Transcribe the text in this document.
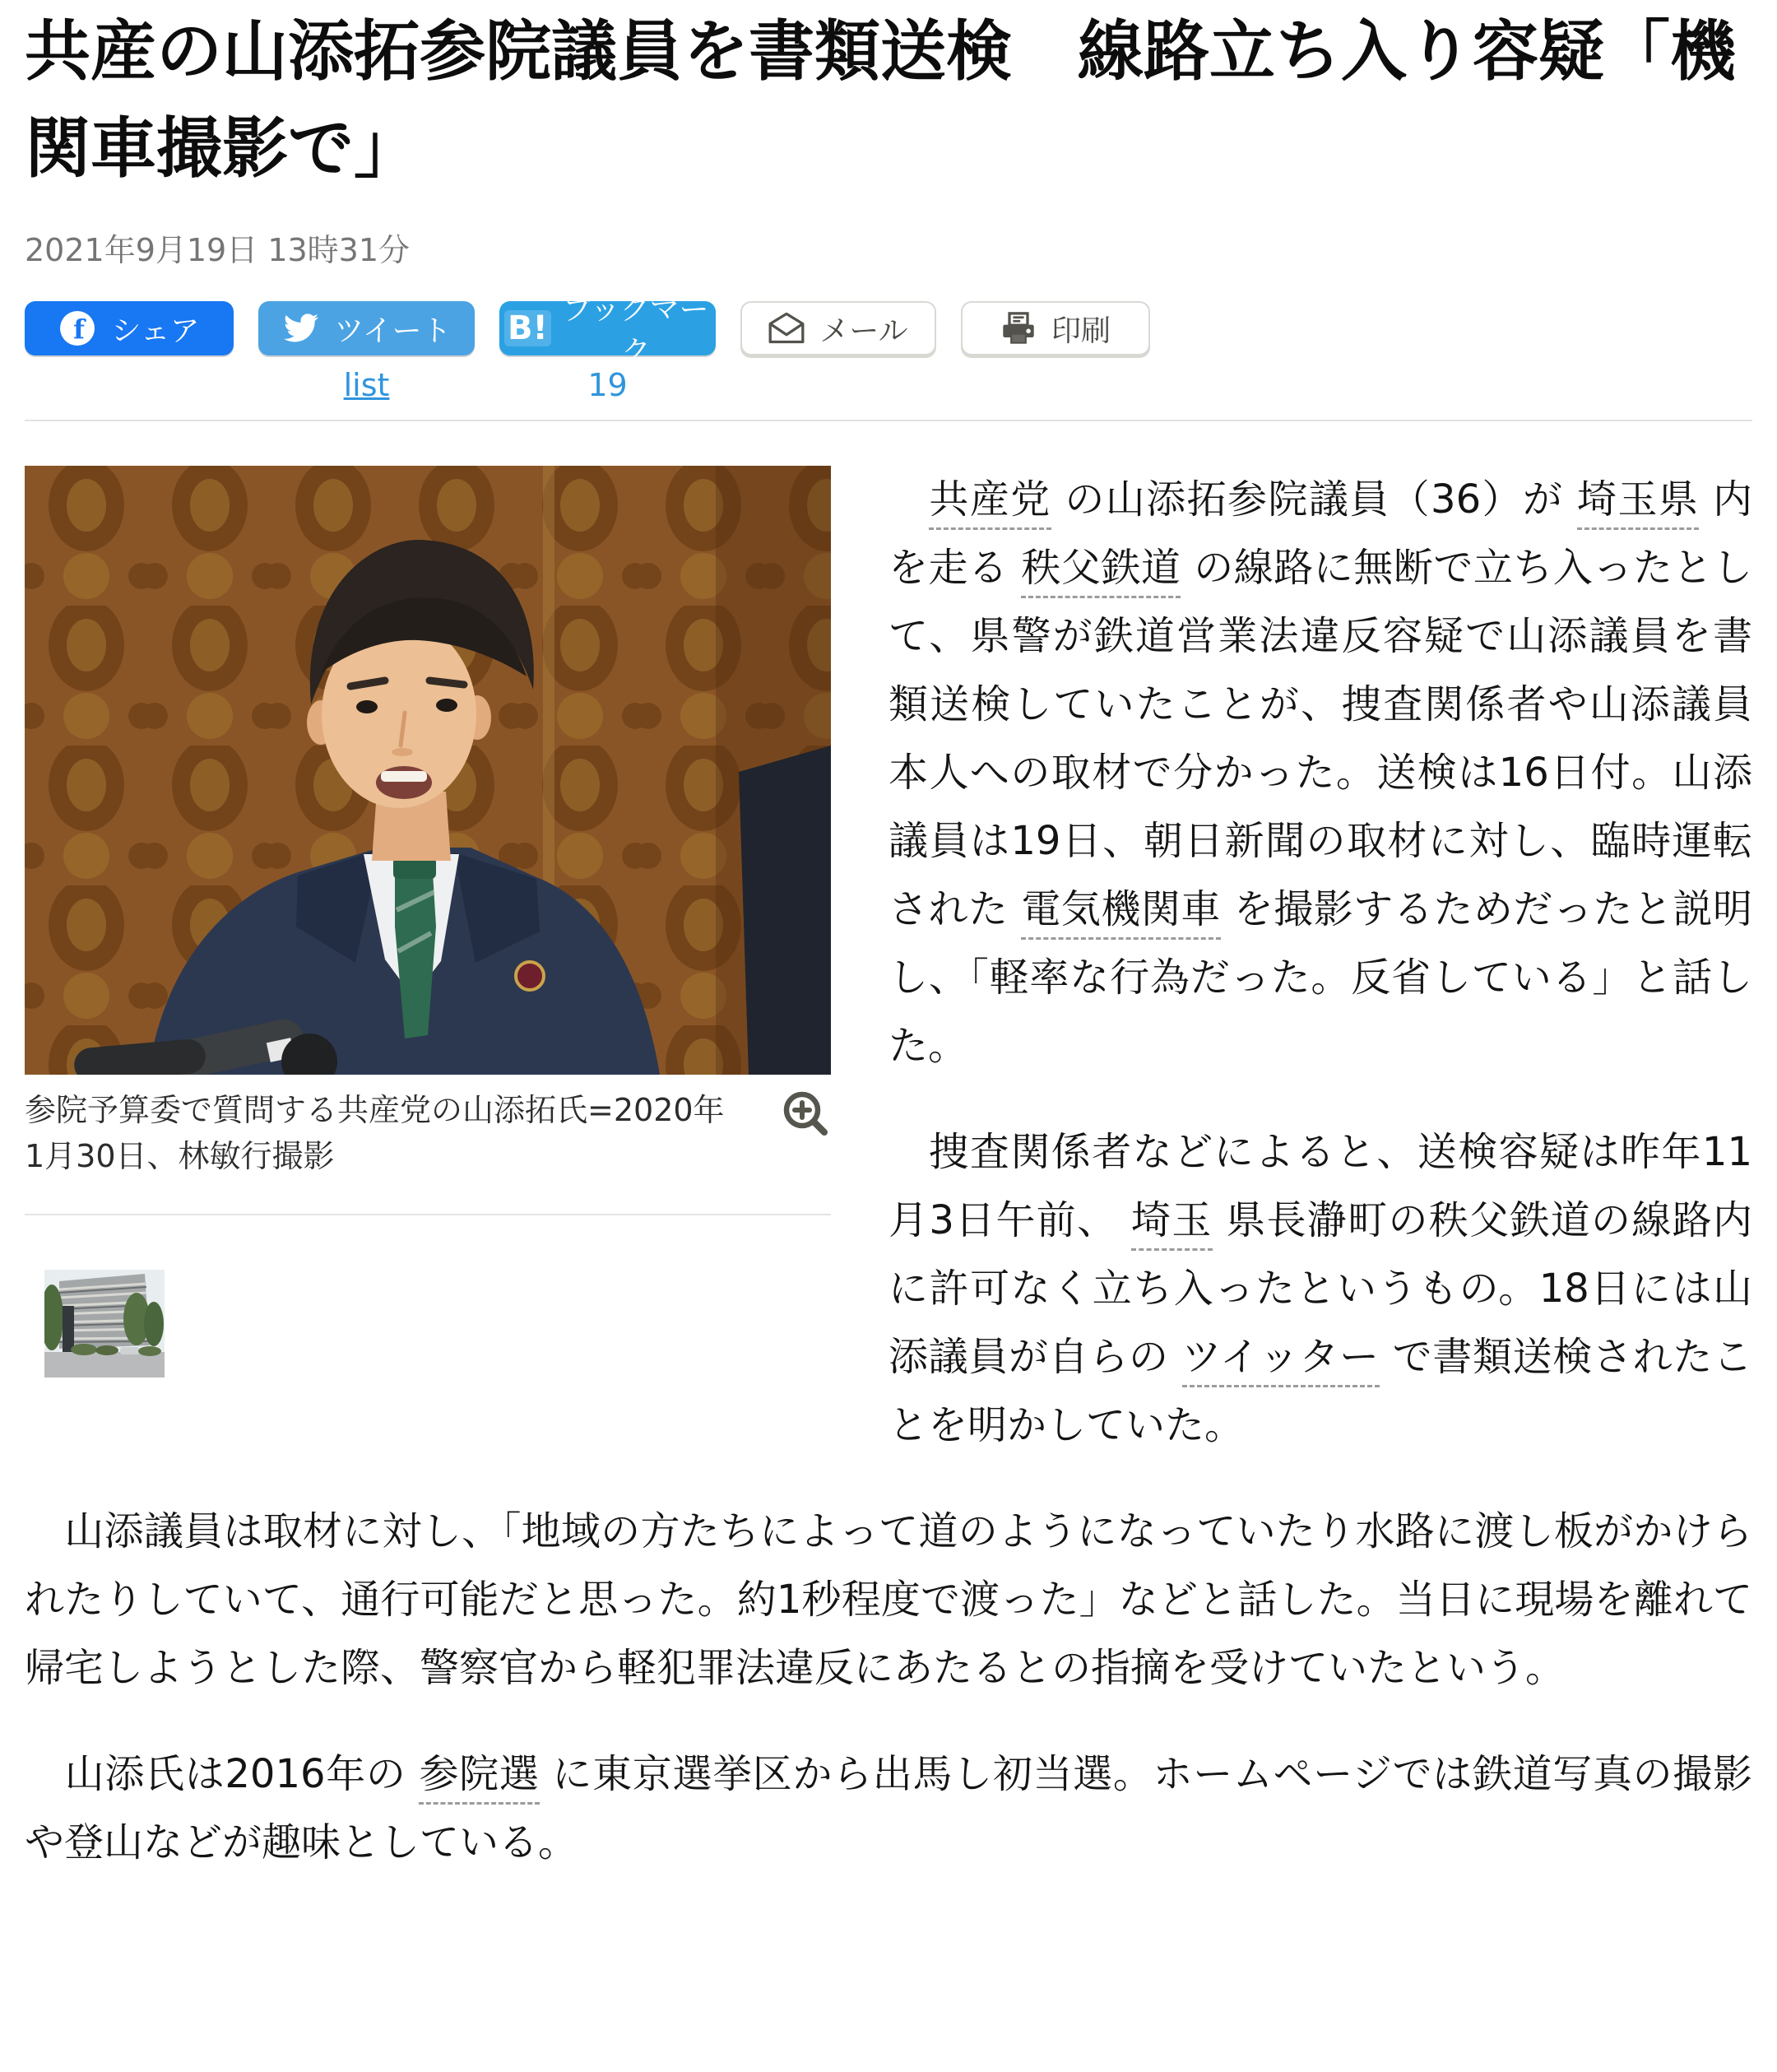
共産の山添拓参院議員を書類送検　線路立ち入り容疑「機関車撮影で」
2021年9月19日 13時31分
f シェア	ツイート
list
B! ブックマーク
19
メール	印刷
参院予算委で質問する共産党の山添拓氏=2020年1月30日、林敏行撮影

　共産党 の山添拓参院議員（36）が 埼玉県 内を走る 秩父鉄道 の線路に無断で立ち入ったとして、県警が鉄道営業法違反容疑で山添議員を書類送検していたことが、捜査関係者や山添議員本人への取材で分かった。送検は16日付。山添議員は19日、朝日新聞の取材に対し、臨時運転された 電気機関車 を撮影するためだったと説明し、「軽率な行為だった。反省している」と話した。

　捜査関係者などによると、送検容疑は昨年11月3日午前、 埼玉 県長瀞町の秩父鉄道の線路内に許可なく立ち入ったというもの。18日には山添議員が自らの ツイッター で書類送検されたことを明かしていた。

　山添議員は取材に対し、「地域の方たちによって道のようになっていたり水路に渡し板がかけられたりしていて、通行可能だと思った。約1秒程度で渡った」などと話した。当日に現場を離れて帰宅しようとした際、警察官から軽犯罪法違反にあたるとの指摘を受けていたという。

　山添氏は2016年の 参院選 に東京選挙区から出馬し初当選。ホームページでは鉄道写真の撮影や登山などが趣味としている。
